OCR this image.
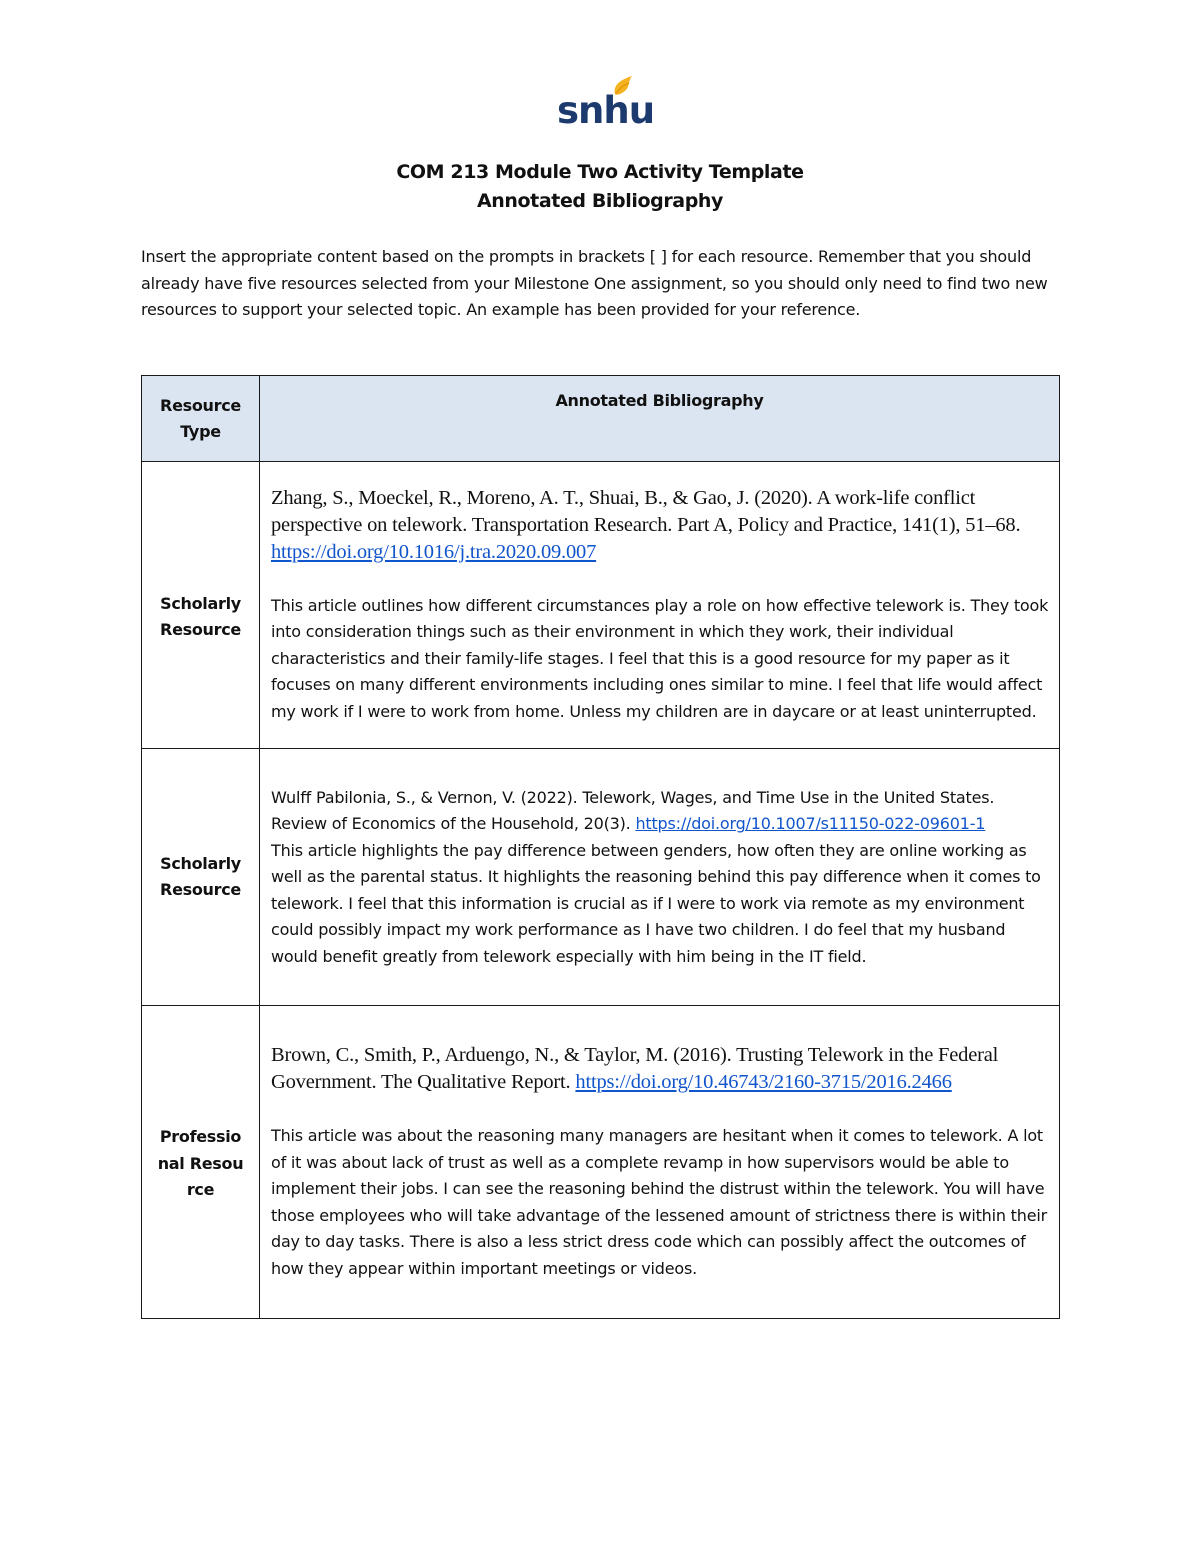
snhu
COM 213 Module Two Activity Template
Annotated Bibliography
Insert the appropriate content based on the prompts in brackets [ ] for each resource. Remember that you should already have five resources selected from your Milestone One assignment, so you should only need to find two new resources to support your selected topic. An example has been provided for your reference.
Resource Type	Annotated Bibliography

Scholarly Resource	Zhang, S., Moeckel, R., Moreno, A. T., Shuai, B., & Gao, J. (2020). A work-life conflict perspective on telework. Transportation Research. Part A, Policy and Practice, 141(1), 51–68. https://doi.org/10.1016/j.tra.2020.09.007

This article outlines how different circumstances play a role on how effective telework is. They took into consideration things such as their environment in which they work, their individual characteristics and their family-life stages. I feel that this is a good resource for my paper as it focuses on many different environments including ones similar to mine. I feel that life would affect my work if I were to work from home. Unless my children are in daycare or at least uninterrupted.

Scholarly Resource	Wulff Pabilonia, S., & Vernon, V. (2022). Telework, Wages, and Time Use in the United States. Review of Economics of the Household, 20(3). https://doi.org/10.1007/s11150-022-09601-1

This article highlights the pay difference between genders, how often they are online working as well as the parental status. It highlights the reasoning behind this pay difference when it comes to telework. I feel that this information is crucial as if I were to work via remote as my environment could possibly impact my work performance as I have two children. I do feel that my husband would benefit greatly from telework especially with him being in the IT field.

Professional Resource	Brown, C., Smith, P., Arduengo, N., & Taylor, M. (2016). Trusting Telework in the Federal Government. The Qualitative Report. https://doi.org/10.46743/2160-3715/2016.2466

This article was about the reasoning many managers are hesitant when it comes to telework. A lot of it was about lack of trust as well as a complete revamp in how supervisors would be able to implement their jobs. I can see the reasoning behind the distrust within the telework. You will have those employees who will take advantage of the lessened amount of strictness there is within their day to day tasks. There is also a less strict dress code which can possibly affect the outcomes of how they appear within important meetings or videos.
